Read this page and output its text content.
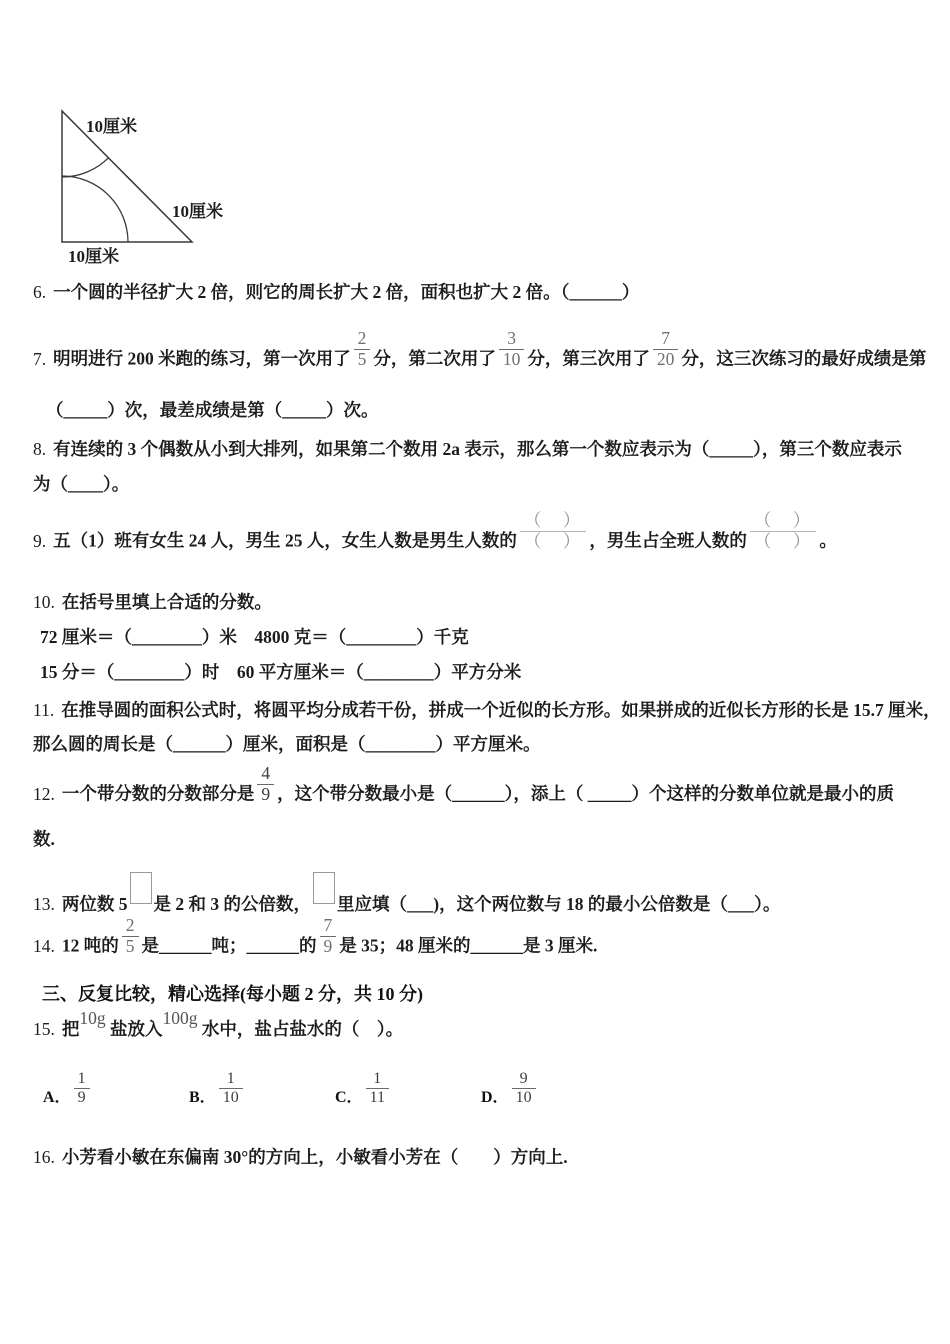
10厘米
10厘米
10厘米
6. 一个圆的半径扩大 2 倍，则它的周长扩大 2 倍，面积也扩大 2 倍。（______）
7. 明明进行 200 米跑的练习，第一次用了 $\frac{2}{5}$ 分，第二次用了 $\frac{3}{10}$ 分，第三次用了 $\frac{7}{20}$ 分，这三次练习的最好成绩是第
（_____）次，最差成绩是第（_____）次。
8. 有连续的 3 个偶数从小到大排列，如果第二个数用 2a 表示，那么第一个数应表示为（_____），第三个数应表示
为（____）。
9. 五（1）班有女生 24 人，男生 25 人，女生人数是男生人数的 $\frac{( )}{( )}$ ，男生占全班人数的 $\frac{( )}{( )}$ 。
10. 在括号里填上合适的分数。
72 厘米＝（________）米　4800 克＝（________）千克
15 分＝（________）时　60 平方厘米＝（________）平方分米
11. 在推导圆的面积公式时，将圆平均分成若干份，拼成一个近似的长方形。如果拼成的近似长方形的长是 15.7 厘米，
那么圆的周长是（______）厘米，面积是（________）平方厘米。
12. 一个带分数的分数部分是 $\frac{4}{9}$ ，这个带分数最小是（______），添上（ _____）个这样的分数单位就是最小的质
数.
13. 两位数 5 是 2 和 3 的公倍数， 里应填（___)，这个两位数与 18 的最小公倍数是（___）。
14. 12 吨的 $\frac{2}{5}$ 是______吨；______的 $\frac{7}{9}$ 是 35；48 厘米的______是 3 厘米.
三、反复比较，精心选择(每小题 2 分，共 10 分)
15. 把10g 盐放入100g 水中，盐占盐水的（　）。
A． $\frac{1}{9}$	B． $\frac{1}{10}$	C． $\frac{1}{11}$	D． $\frac{9}{10}$
16. 小芳看小敏在东偏南 30°的方向上，小敏看小芳在（　　）方向上.
